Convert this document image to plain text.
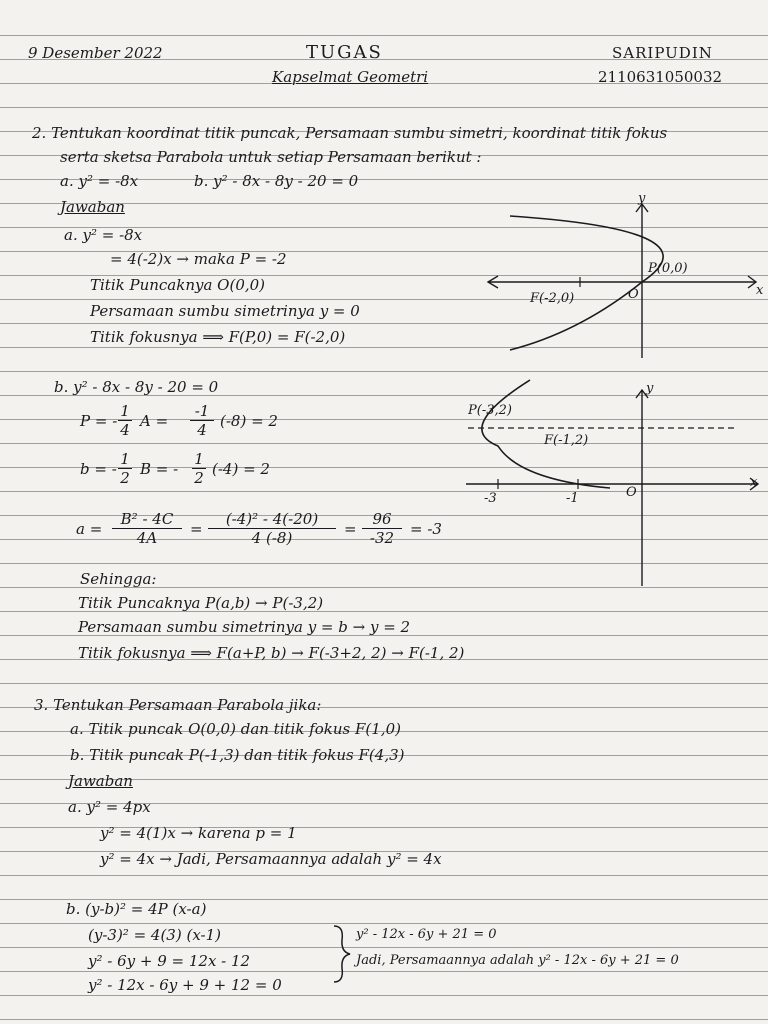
9 Desember 2022	TUGAS
Kapselmat Geometri
SARIPUDIN
2110631050032
2. Tentukan koordinat titik puncak, Persamaan sumbu simetri, koordinat titik fokus
serta sketsa Parabola untuk setiap Persamaan berikut :
a. y² = -8x	b. y² - 8x - 8y - 20 = 0
Jawaban
a. y² = -8x
= 4(-2)x → maka P = -2
Titik Puncaknya O(0,0)
Persamaan sumbu simetrinya y = 0
Titik fokusnya ⟹ F(P,0) = F(-2,0)
y
x
O
P(0,0)
F(-2,0)
b. y² - 8x - 8y - 20 = 0
P = - $\frac{1}{4}$ $A = \frac{-1}{4} (-8) = 2$
b = - $\frac{1}{2}$ B = - $\frac{1}{2} (-4) = 2$
$a = \frac{\text{B² - 4C}}{4A} = \frac{\text{(-4)² - 4(-20)}}{4 (-8)} = \frac{96}{-32} = -3$
Sehingga:
Titik Puncaknya P(a,b) → P(-3,2)
Persamaan sumbu simetrinya y = b → y = 2
Titik fokusnya ⟹ F(a+P, b) → F(-3+2, 2) → F(-1, 2)
y
x
O
P(-3,2)
F(-1,2)
-3	-1
3. Tentukan Persamaan Parabola jika:
a. Titik puncak O(0,0) dan titik fokus F(1,0)
b. Titik puncak P(-1,3) dan titik fokus F(4,3)
Jawaban
a. y² = 4px
y² = 4(1)x → karena p = 1
y² = 4x → Jadi, Persamaannya adalah y² = 4x
b. (y-b)² = 4P (x-a)
(y-3)² = 4(3) (x-1)
y² - 6y + 9 = 12x - 12
y² - 12x - 6y + 9 + 12 = 0
y² - 12x - 6y + 21 = 0
Jadi, Persamaannya adalah y² - 12x - 6y + 21 = 0
